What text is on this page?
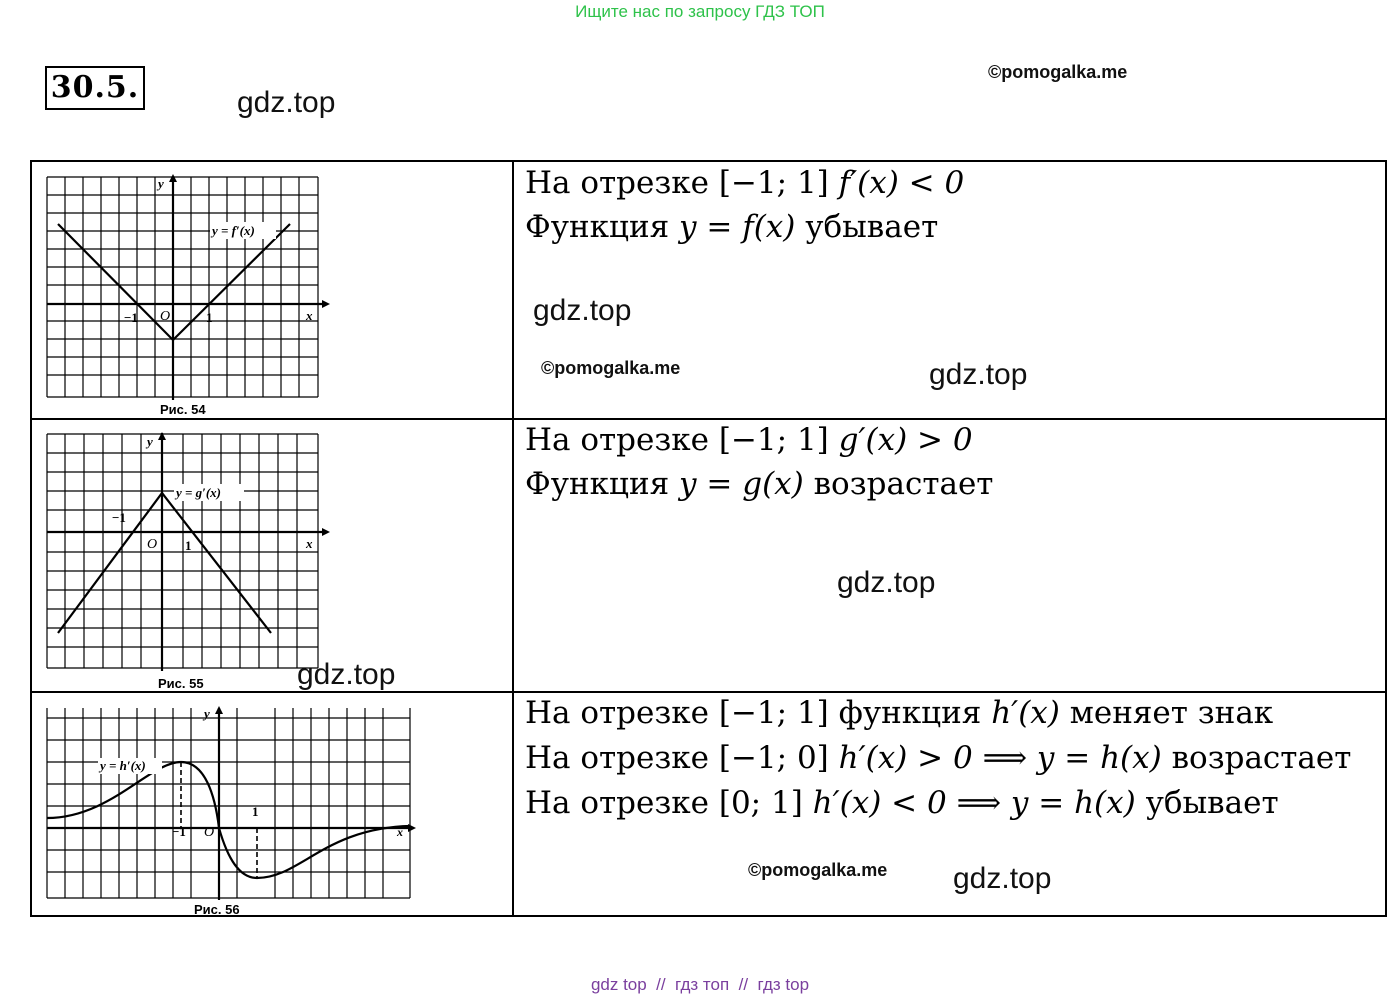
Ищите нас по запросу ГДЗ ТОП
30.5.	gdz.top
©pomogalka.me
y
x
O
−1	1
y = f′(x)
Рис. 54
y
x
O
−1
1
y = g′(x)
Рис. 55
y
x
O
−1
1
y = h′(x)
Рис. 56
На отрезке [−1; 1] f′(x) < 0
Функция y = f(x) убывает
gdz.top
©pomogalka.me	gdz.top
На отрезке [−1; 1] g′(x) > 0
Функция y = g(x) возрастает
gdz.top
gdz.top
На отрезке [−1; 1] функция h′(x) меняет знак
На отрезке [−1; 0] h′(x) > 0 ⟹ y = h(x) возрастает
На отрезке [0; 1] h′(x) < 0 ⟹ y = h(x) убывает
©pomogalka.me gdz.top
gdz top  //  гдз топ  //  гдз top
